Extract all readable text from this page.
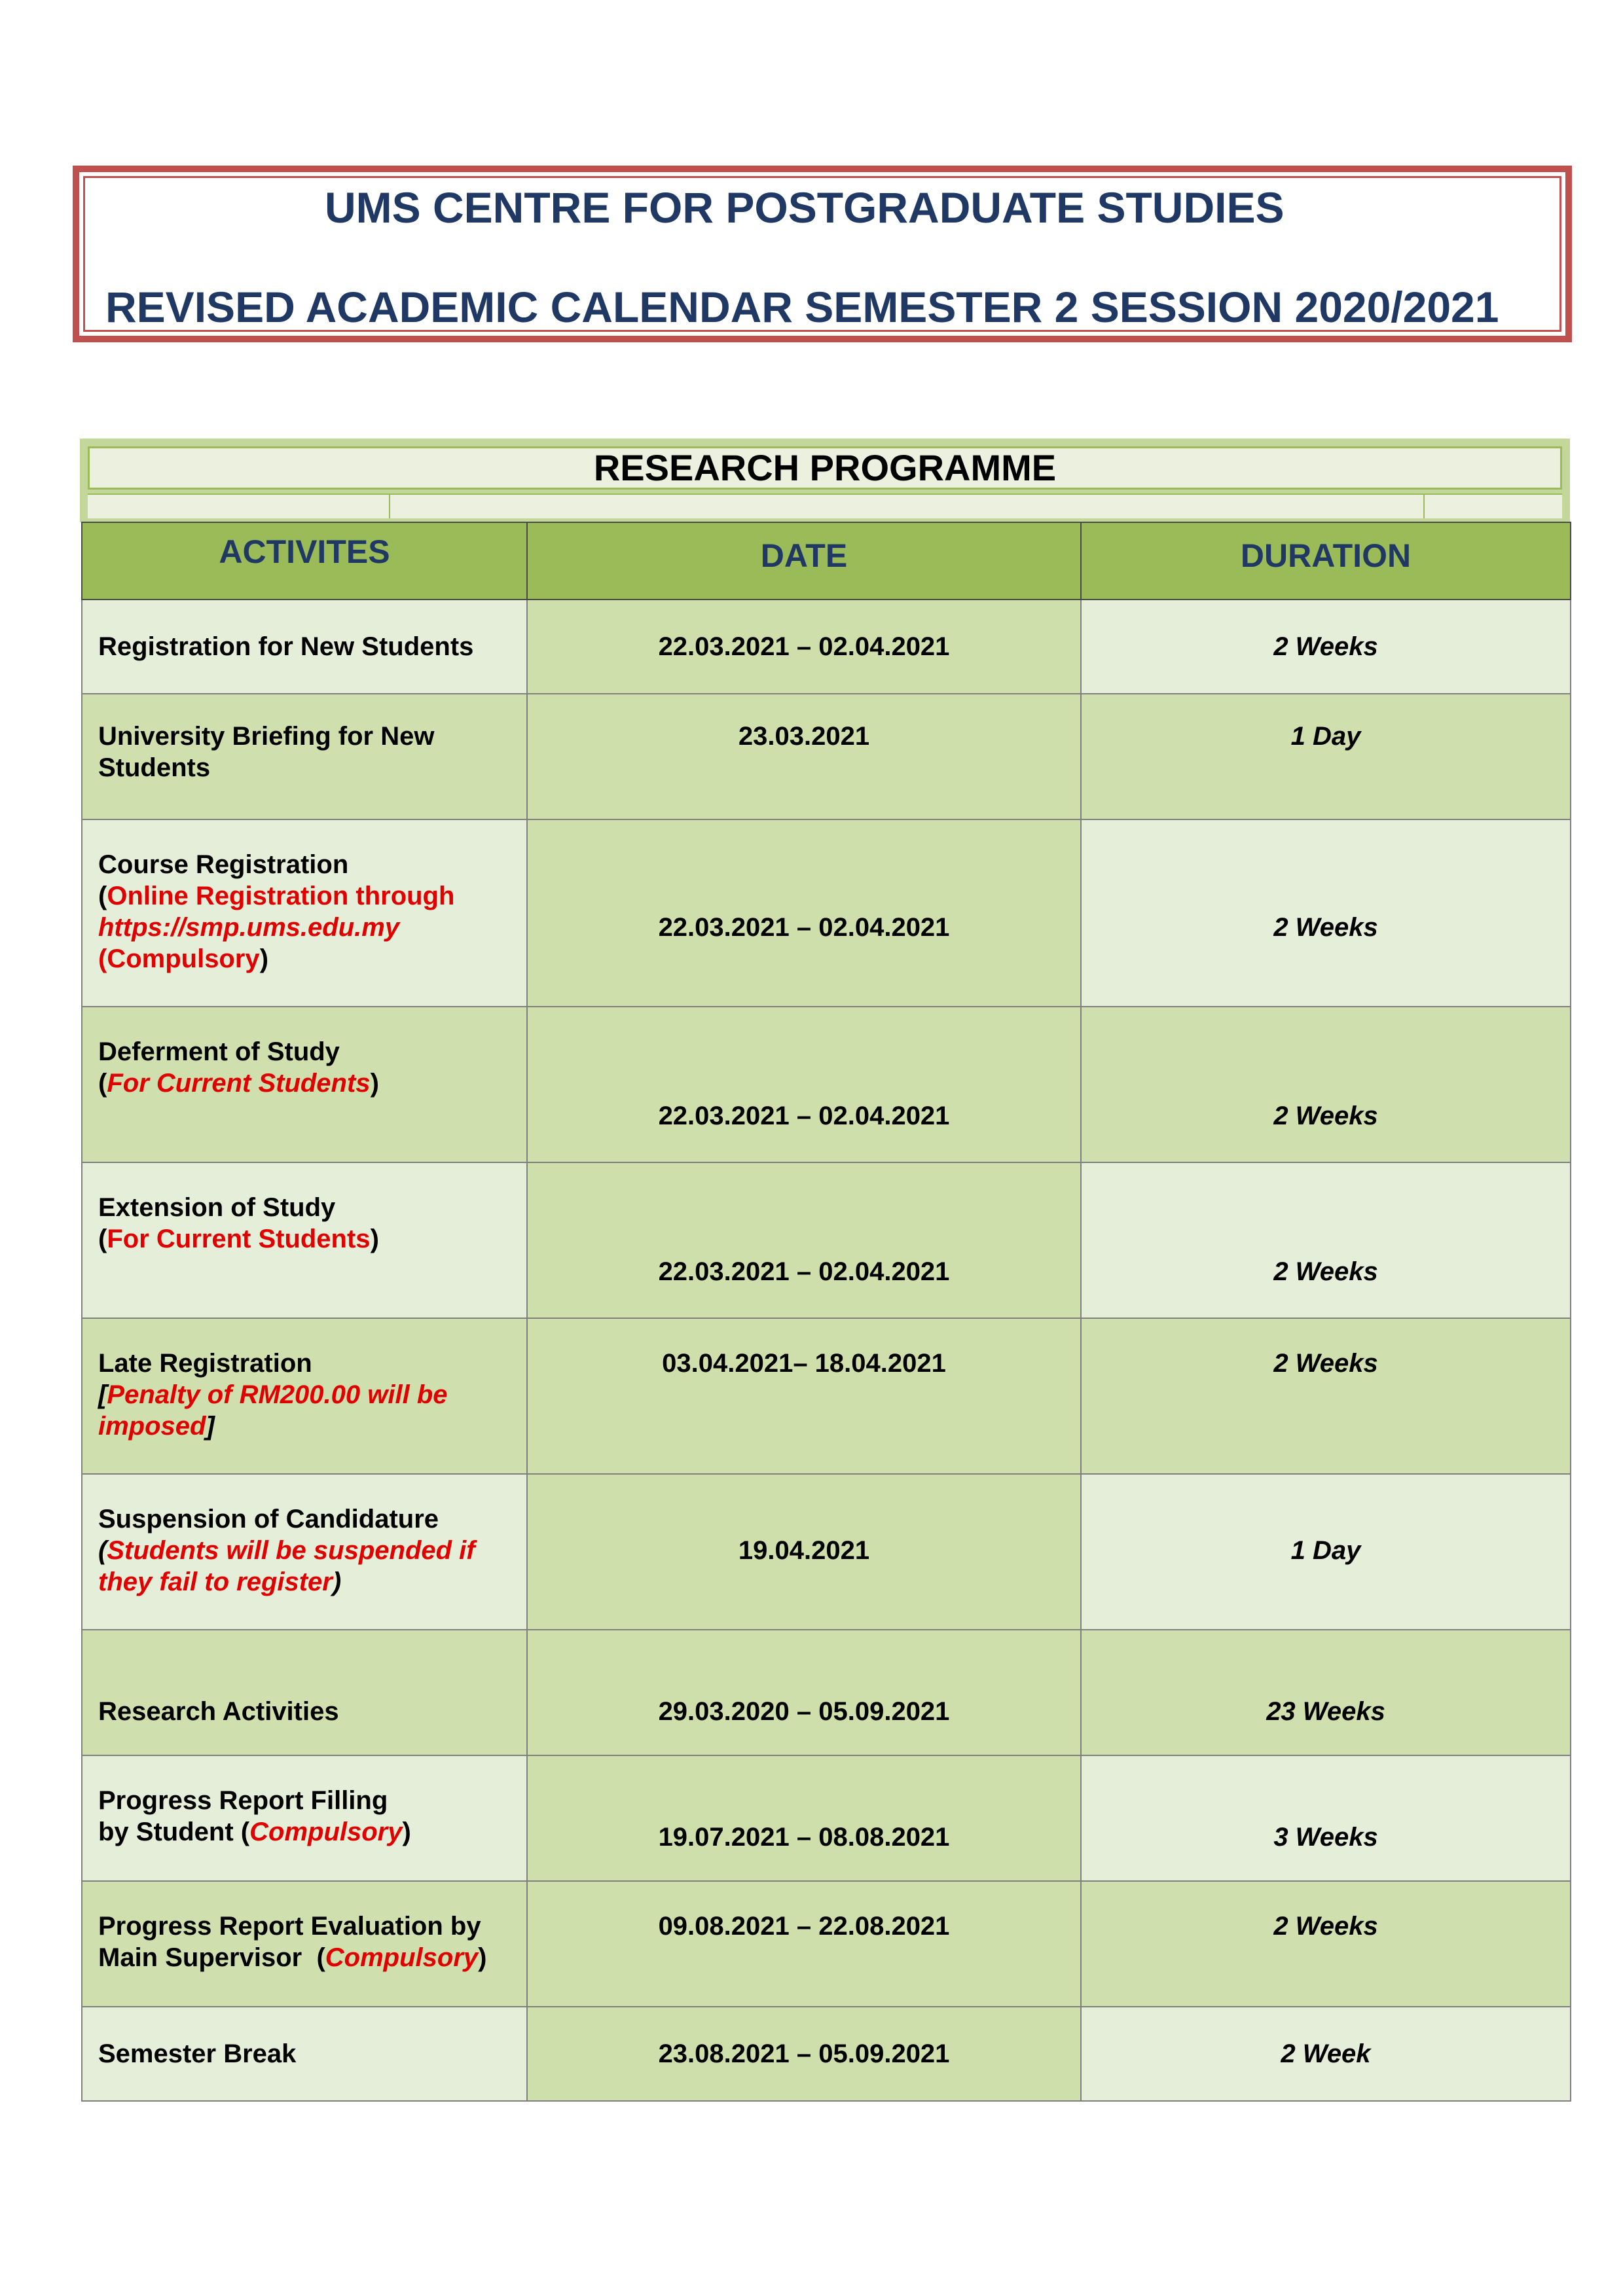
UMS CENTRE FOR POSTGRADUATE STUDIES
REVISED ACADEMIC CALENDAR SEMESTER 2 SESSION 2020/2021
RESEARCH PROGRAMME
ACTIVITES	DATE	DURATION

Registration for New Students	22.03.2021 – 02.04.2021	2 Weeks
University Briefing for New Students	23.03.2021	1 Day

Course Registration
(Online Registration through
https://smp.ums.edu.my
(Compulsory)	22.03.2021 – 02.04.2021	2 Weeks

Deferment of Study
(For Current Students)	22.03.2021 – 02.04.2021	2 Weeks

Extension of Study
(For Current Students)	22.03.2021 – 02.04.2021	2 Weeks

Late Registration
[Penalty of RM200.00 will be
imposed]	03.04.2021– 18.04.2021	2 Weeks

Suspension of Candidature
(Students will be suspended if
they fail to register)	19.04.2021	1 Day
Research Activities	29.03.2020 – 05.09.2021	23 Weeks

Progress Report Filling
by Student (Compulsory)	19.07.2021 – 08.08.2021	3 Weeks

Progress Report Evaluation by
Main Supervisor (Compulsory)	09.08.2021 – 22.08.2021	2 Weeks
Semester Break	23.08.2021 – 05.09.2021	2 Week
